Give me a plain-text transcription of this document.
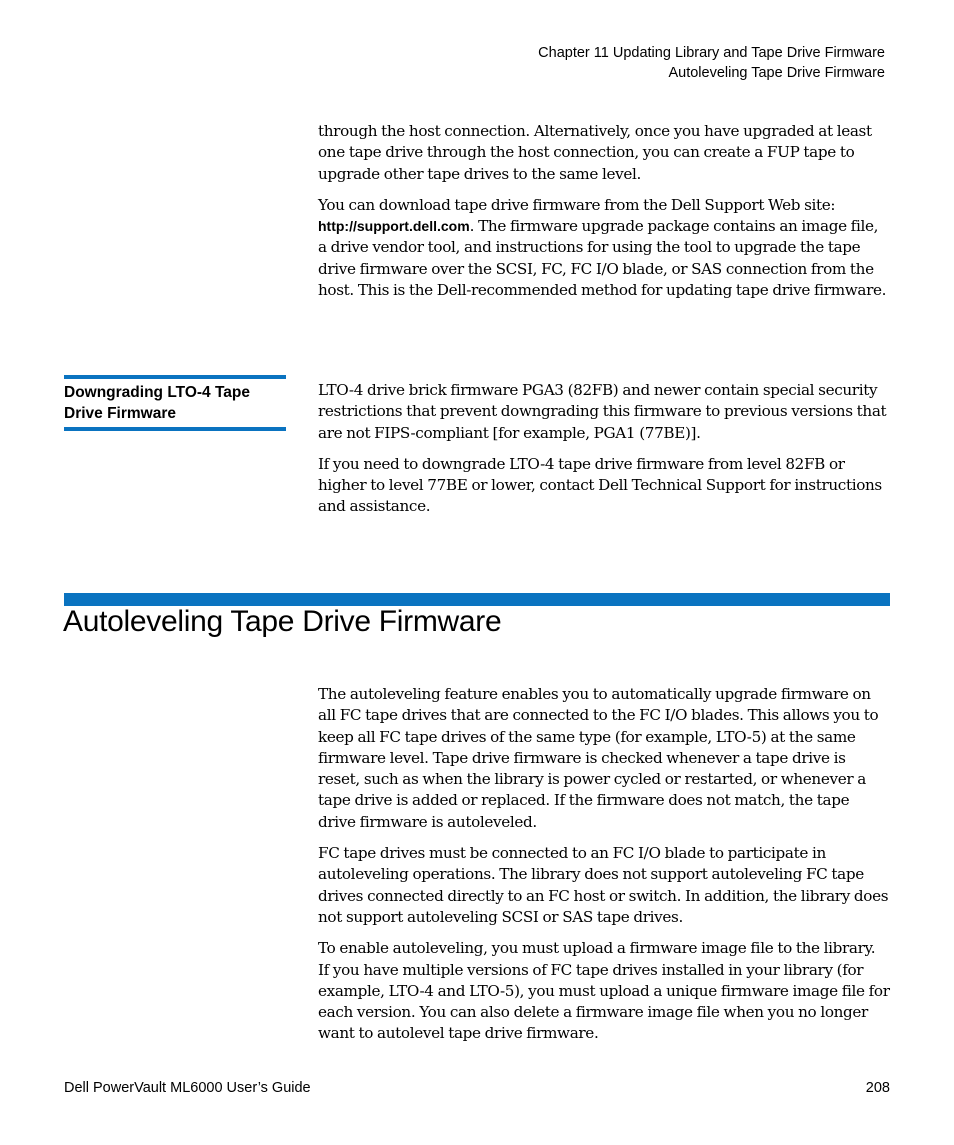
Chapter 11 Updating Library and Tape Drive Firmware
Autoleveling Tape Drive Firmware

through the host connection. Alternatively, once you have upgraded at least one tape drive through the host connection, you can create a FUP tape to upgrade other tape drives to the same level.

You can download tape drive firmware from the Dell Support Web site:
http://support.dell.com. The firmware upgrade package contains an image file, a drive vendor tool, and instructions for using the tool to upgrade the tape drive firmware over the SCSI, FC, FC I/O blade, or SAS connection from the host. This is the Dell-recommended method for updating tape drive firmware.

Downgrading LTO-4 Tape Drive Firmware

LTO-4 drive brick firmware PGA3 (82FB) and newer contain special security restrictions that prevent downgrading this firmware to previous versions that are not FIPS-compliant [for example, PGA1 (77BE)].

If you need to downgrade LTO-4 tape drive firmware from level 82FB or higher to level 77BE or lower, contact Dell Technical Support for instructions and assistance.

Autoleveling Tape Drive Firmware

The autoleveling feature enables you to automatically upgrade firmware on all FC tape drives that are connected to the FC I/O blades. This allows you to keep all FC tape drives of the same type (for example, LTO-5) at the same firmware level. Tape drive firmware is checked whenever a tape drive is reset, such as when the library is power cycled or restarted, or whenever a tape drive is added or replaced. If the firmware does not match, the tape drive firmware is autoleveled.

FC tape drives must be connected to an FC I/O blade to participate in autoleveling operations. The library does not support autoleveling FC tape drives connected directly to an FC host or switch. In addition, the library does not support autoleveling SCSI or SAS tape drives.

To enable autoleveling, you must upload a firmware image file to the library. If you have multiple versions of FC tape drives installed in your library (for example, LTO-4 and LTO-5), you must upload a unique firmware image file for each version. You can also delete a firmware image file when you no longer want to autolevel tape drive firmware.

Dell PowerVault ML6000 User’s Guide	208
